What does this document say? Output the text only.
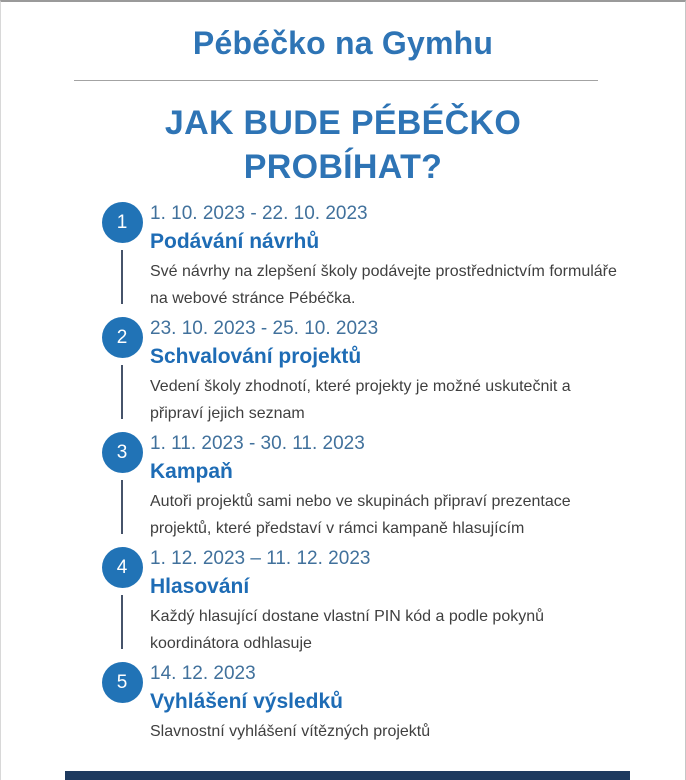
Pébéčko na Gymhu
JAK BUDE PÉBÉČKO
PROBÍHAT?
1 1. 10. 2023 - 22. 10. 2023
Podávání návrhů
Své návrhy na zlepšení školy podávejte prostřednictvím formuláře na webové stránce Pébéčka.
2 23. 10. 2023 - 25. 10. 2023
Schvalování projektů
Vedení školy zhodnotí, které projekty je možné uskutečnit a připraví jejich seznam
3 1. 11. 2023 - 30. 11. 2023
Kampaň
Autoři projektů sami nebo ve skupinách připraví prezentace projektů, které představí v rámci kampaně hlasujícím
4 1. 12. 2023 – 11. 12. 2023
Hlasování
Každý hlasující dostane vlastní PIN kód a podle pokynů koordinátora odhlasuje
5 14. 12. 2023
Vyhlášení výsledků
Slavnostní vyhlášení vítězných projektů
